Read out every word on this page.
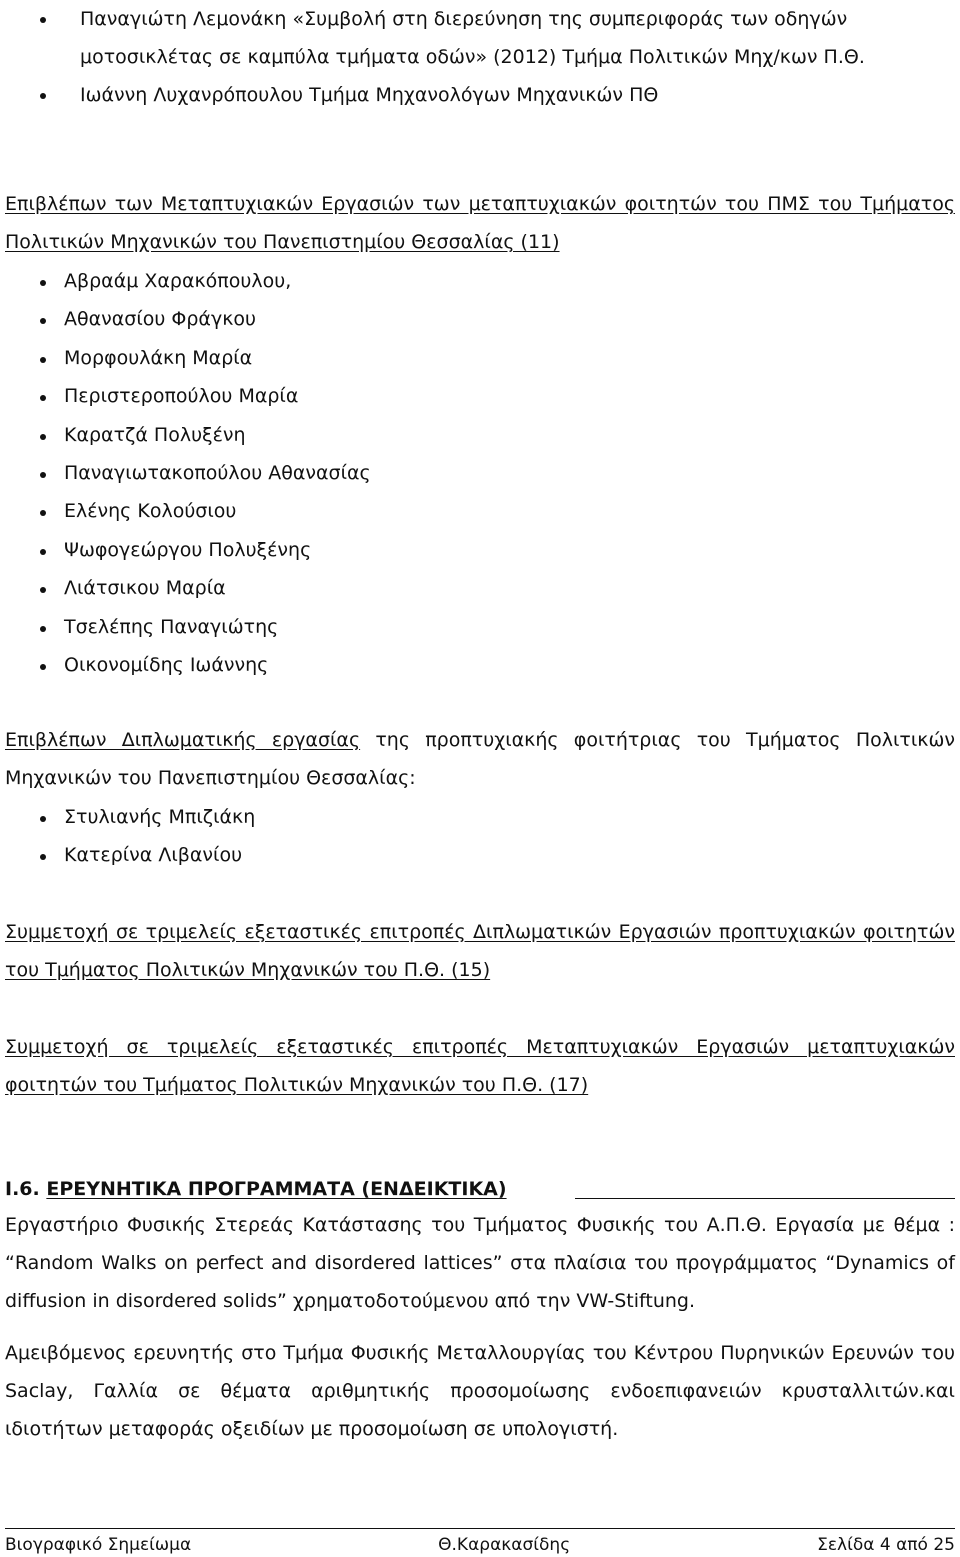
Παναγιώτη Λεμονάκη «Συμβολή στη διερεύνηση της συμπεριφοράς των οδηγών μοτοσικλέτας σε καμπύλα τμήματα οδών» (2012) Τμήμα Πολιτικών Μηχ/κων Π.Θ.
Ιωάννη Λυχανρόπουλου Τμήμα Μηχανολόγων Μηχανικών ΠΘ
Επιβλέπων των Μεταπτυχιακών Εργασιών των μεταπτυχιακών φοιτητών του ΠΜΣ του Τμήματος Πολιτικών Μηχανικών του Πανεπιστημίου Θεσσαλίας (11)
Αβραάμ Χαρακόπουλου,
Αθανασίου Φράγκου
Μορφουλάκη Μαρία
Περιστεροπούλου Μαρία
Καρατζά Πολυξένη
Παναγιωτακοπούλου Αθανασίας
Ελένης Κολούσιου
Ψωφογεώργου Πολυξένης
Λιάτσικου Μαρία
Τσελέπης Παναγιώτης
Οικονομίδης Ιωάννης
Επιβλέπων Διπλωματικής εργασίας της προπτυχιακής φοιτήτριας του Τμήματος Πολιτικών Μηχανικών του Πανεπιστημίου Θεσσαλίας:
Στυλιανής Μπιζιάκη
Κατερίνα Λιβανίου
Συμμετοχή σε τριμελείς εξεταστικές επιτροπές Διπλωματικών Εργασιών προπτυχιακών φοιτητών του Τμήματος Πολιτικών Μηχανικών του Π.Θ. (15)
Συμμετοχή σε τριμελείς εξεταστικές επιτροπές Μεταπτυχιακών Εργασιών μεταπτυχιακών φοιτητών του Τμήματος Πολιτικών Μηχανικών του Π.Θ. (17)
Ι.6. ΕΡΕΥΝΗΤΙΚΑ ΠΡΟΓΡΑΜΜΑΤΑ (ΕΝΔΕΙΚΤΙΚΑ)
Εργαστήριο Φυσικής Στερεάς Κατάστασης του Τμήματος Φυσικής του Α.Π.Θ. Εργασία με θέμα : “Random Walks on perfect and disordered lattices” στα πλαίσια του προγράμματος “Dynamics of diffusion in disordered solids” χρηματοδοτούμενου από την VW-Stiftung.
Αμειβόμενος ερευνητής στο Τμήμα Φυσικής Μεταλλουργίας του Κέντρου Πυρηνικών Ερευνών του Saclay, Γαλλία σε θέματα αριθμητικής προσομοίωσης ενδοεπιφανειών κρυσταλλιτών.και ιδιοτήτων μεταφοράς οξειδίων με προσομοίωση σε υπολογιστή.
Βιογραφικό Σημείωμα	Θ.Καρακασίδης	Σελίδα 4 από 25
